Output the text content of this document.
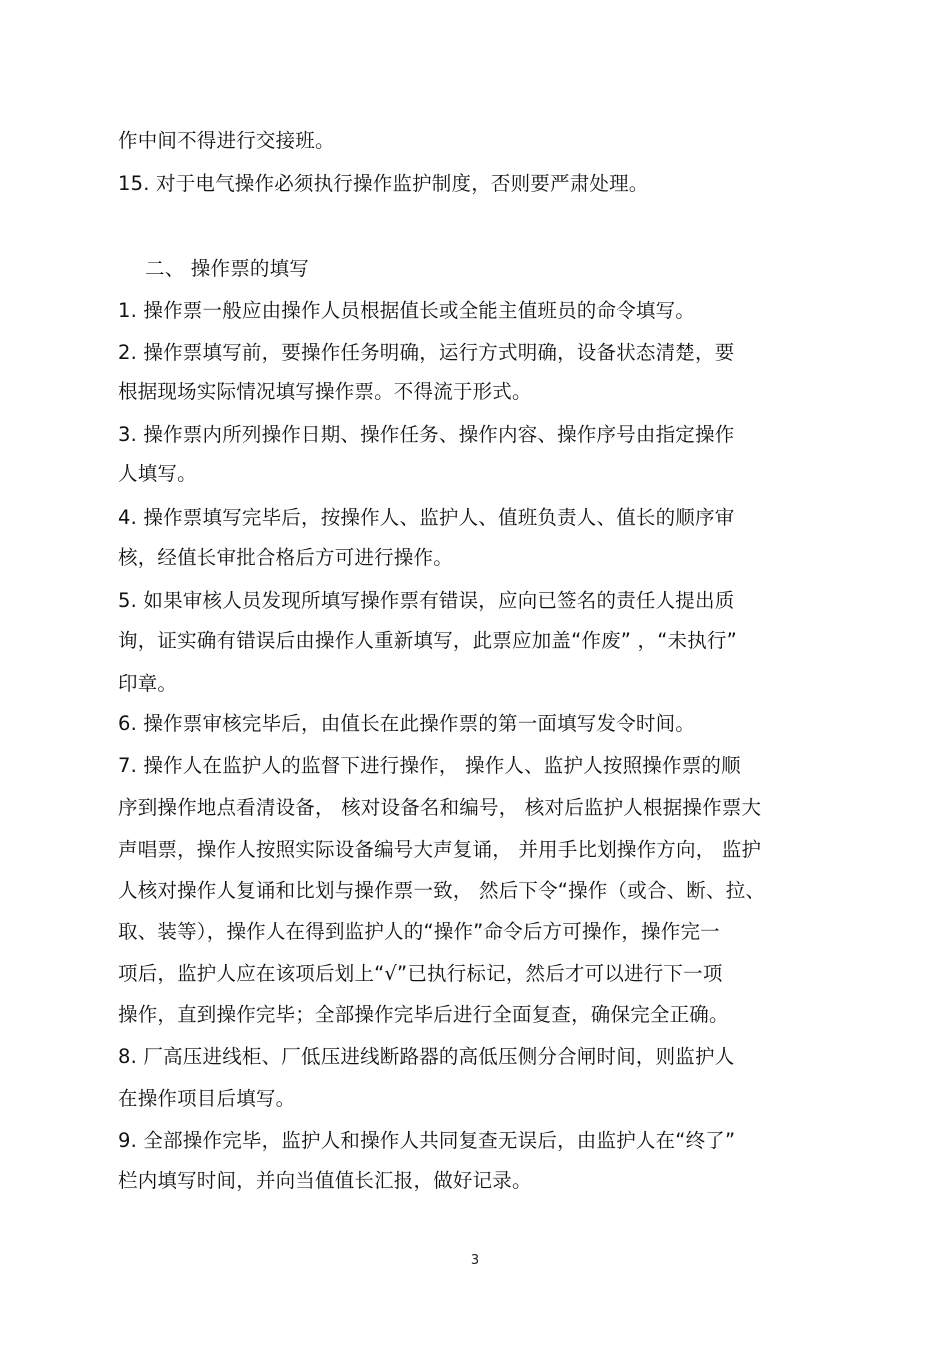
作中间不得进行交接班。
15. 对于电气操作必须执行操作监护制度，否则要严肃处理。
二、 操作票的填写
1. 操作票一般应由操作人员根据值长或全能主值班员的命令填写。
2. 操作票填写前，要操作任务明确，运行方式明确，设备状态清楚，要
根据现场实际情况填写操作票。不得流于形式。
3. 操作票内所列操作日期、操作任务、操作内容、操作序号由指定操作
人填写。
4. 操作票填写完毕后，按操作人、监护人、值班负责人、值长的顺序审
核，经值长审批合格后方可进行操作。
5. 如果审核人员发现所填写操作票有错误，应向已签名的责任人提出质
询，证实确有错误后由操作人重新填写，此票应加盖“作废” ，“未执行”
印章。
6. 操作票审核完毕后，由值长在此操作票的第一面填写发令时间。
7. 操作人在监护人的监督下进行操作， 操作人、监护人按照操作票的顺
序到操作地点看清设备， 核对设备名和编号， 核对后监护人根据操作票大
声唱票，操作人按照实际设备编号大声复诵， 并用手比划操作方向， 监护
人核对操作人复诵和比划与操作票一致， 然后下令“操作（或合、断、拉、
取、装等），操作人在得到监护人的“操作”命令后方可操作，操作完一
项后，监护人应在该项后划上“√”已执行标记，然后才可以进行下一项
操作，直到操作完毕；全部操作完毕后进行全面复查，确保完全正确。
8. 厂高压进线柜、厂低压进线断路器的高低压侧分合闸时间，则监护人
在操作项目后填写。
9. 全部操作完毕，监护人和操作人共同复查无误后，由监护人在“终了”
栏内填写时间，并向当值值长汇报，做好记录。
3
